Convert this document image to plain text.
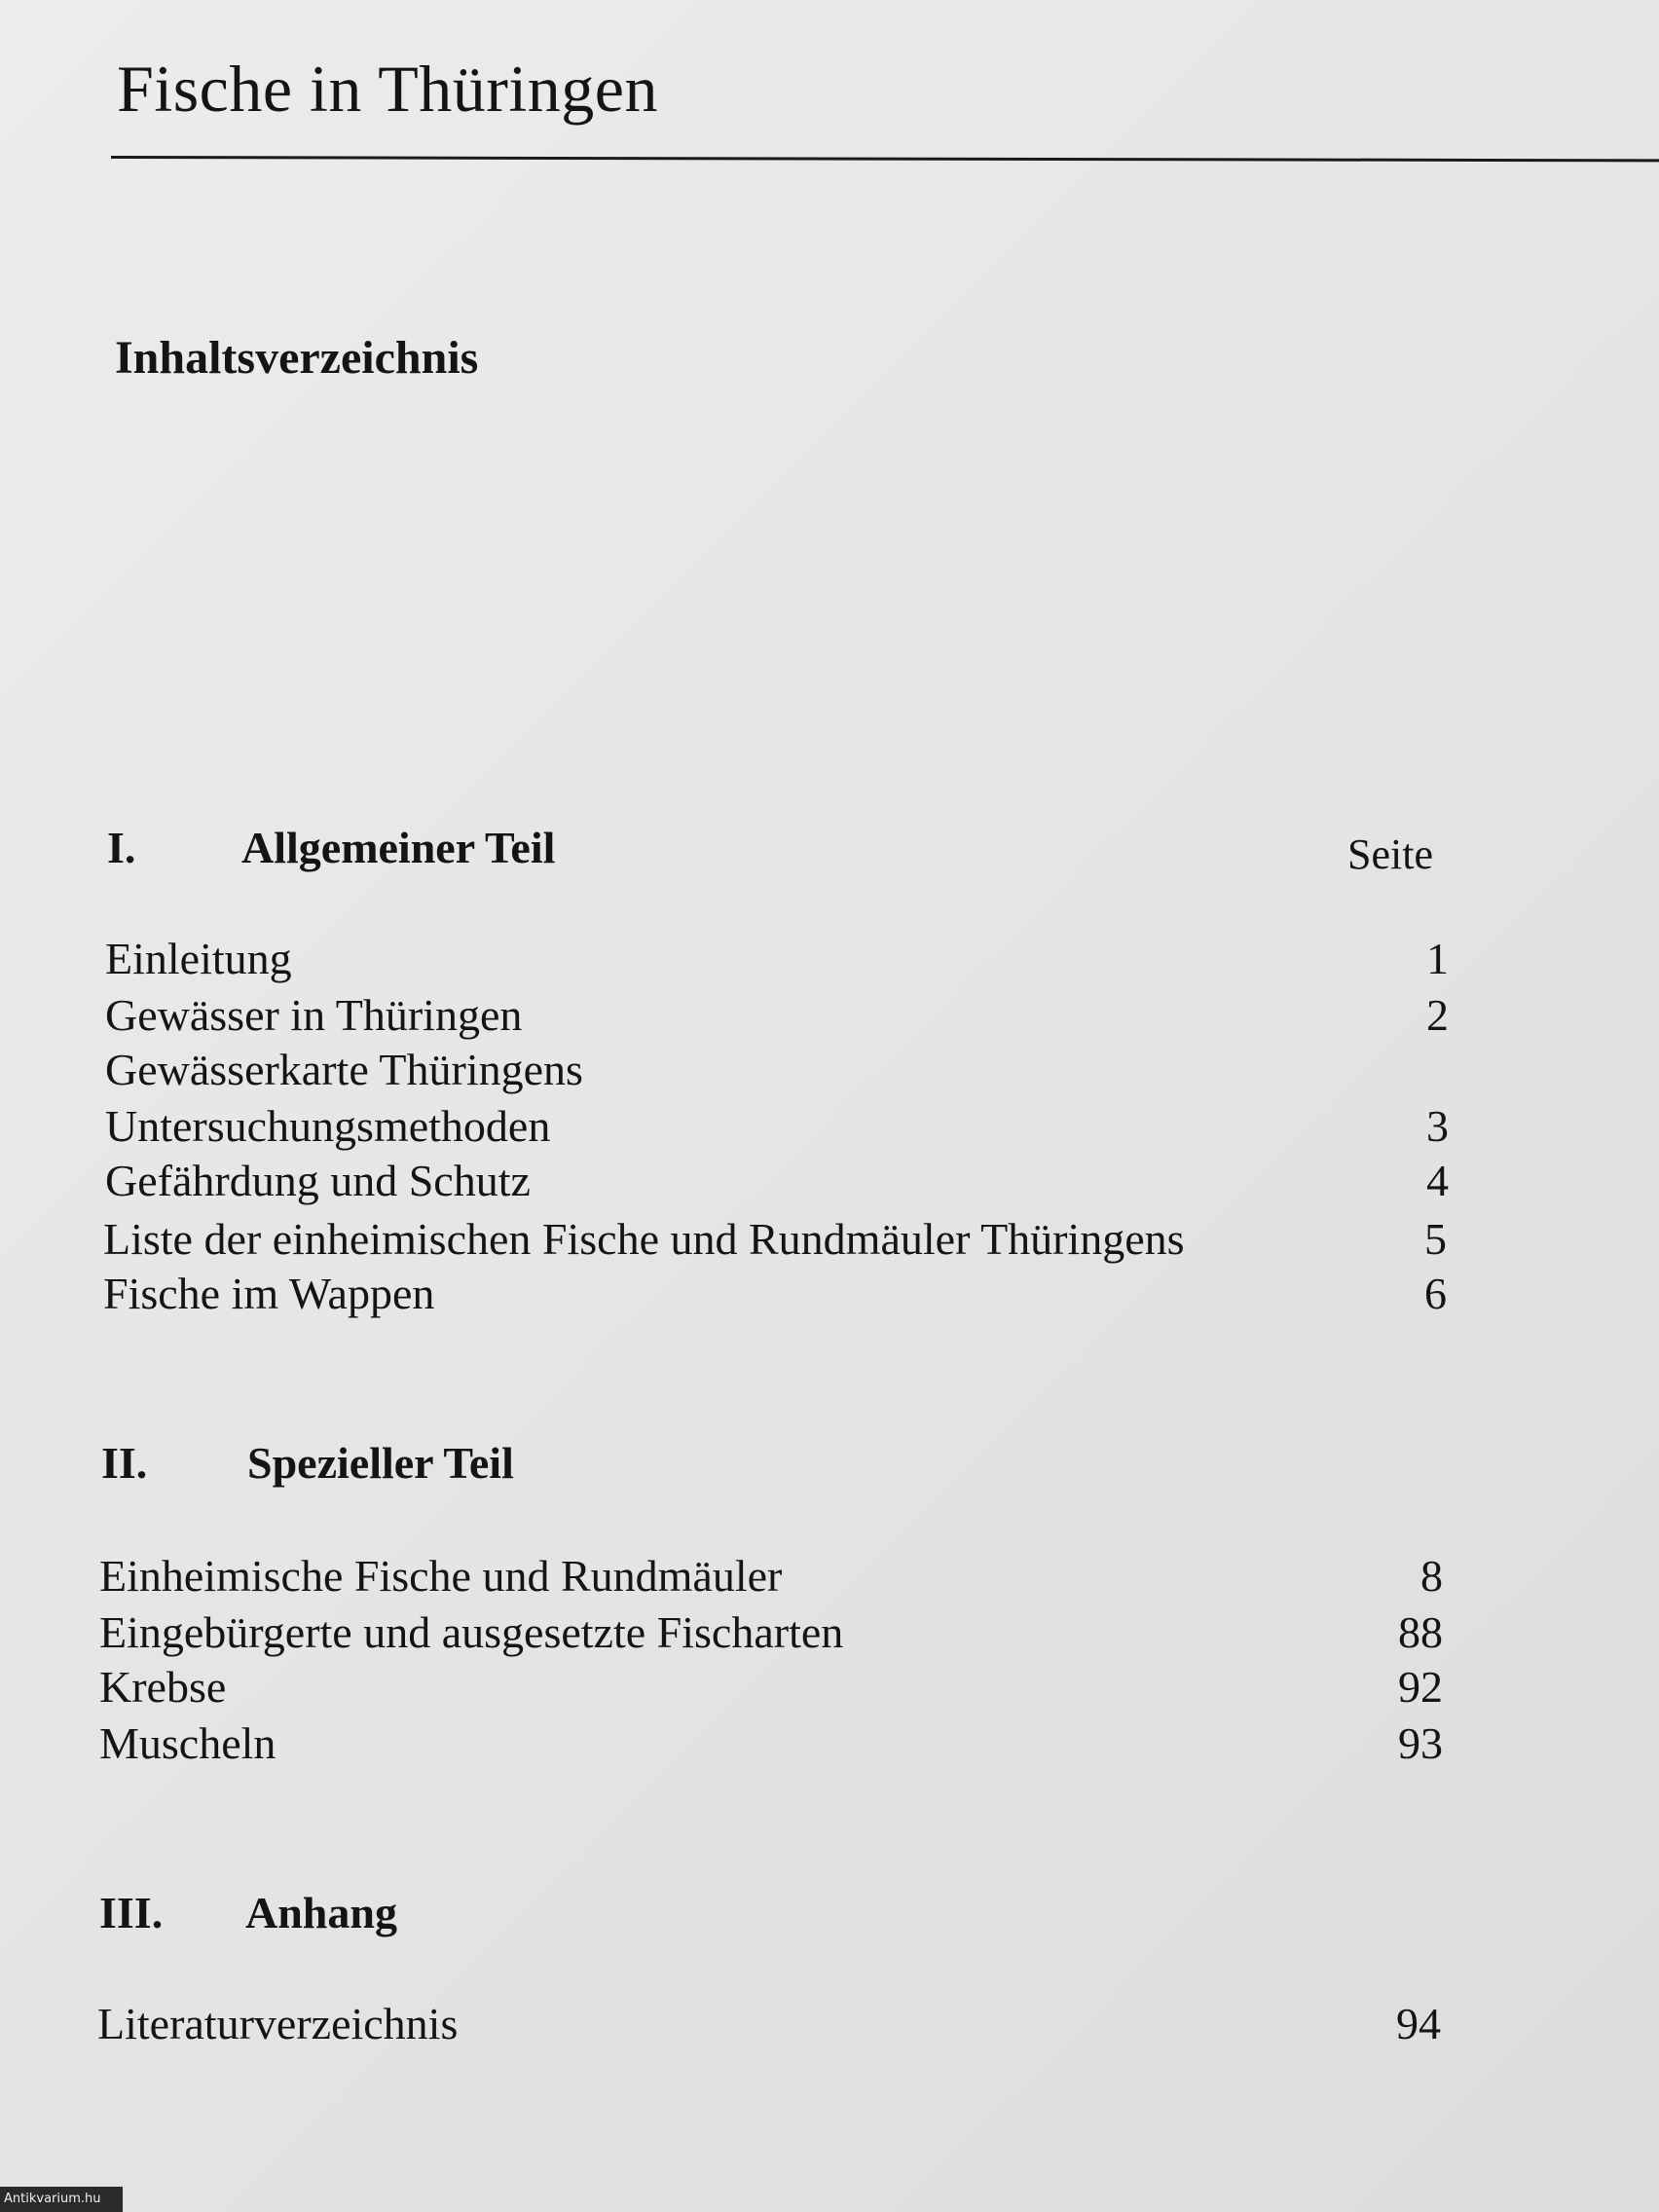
Fische in Thüringen
Inhaltsverzeichnis
I. Allgemeiner Teil	Seite
Einleitung	1
Gewässer in Thüringen	2
Gewässerkarte Thüringens
Untersuchungsmethoden	3
Gefährdung und Schutz	4
Liste der einheimischen Fische und Rundmäuler Thüringens	5
Fische im Wappen	6
II. Spezieller Teil
Einheimische Fische und Rundmäuler	8
Eingebürgerte und ausgesetzte Fischarten	88
Krebse	92
Muscheln	93
III. Anhang
Literaturverzeichnis	94
Antikvarium.hu
